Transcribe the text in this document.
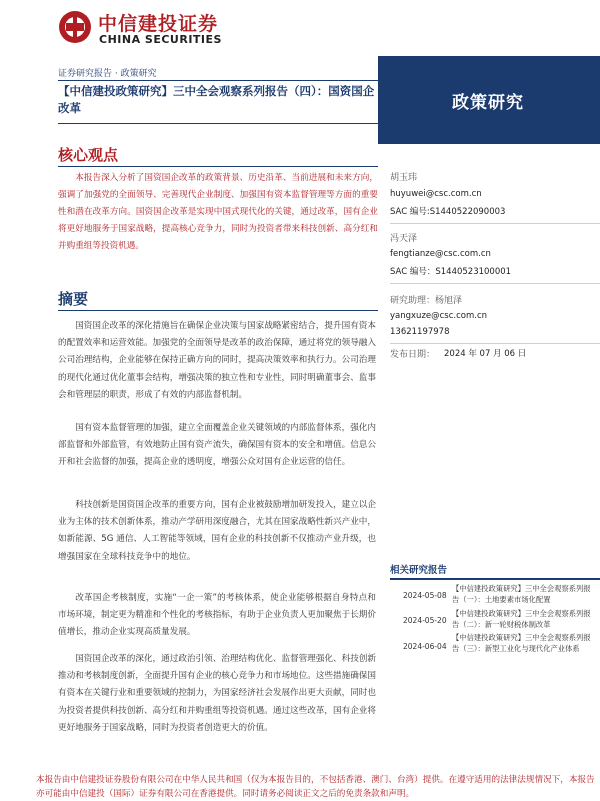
中信建投证券
CHINA SECURITIES
政策研究
证券研究报告 · 政策研究
【中信建投政策研究】三中全会观察系列报告（四）：国资国企改革
核心观点
本报告深入分析了国资国企改革的政策背景、历史沿革、当前进展和未来方向，强调了加强党的全面领导、完善现代企业制度、加强国有资本监督管理等方面的重要性和潜在改革方向。国资国企改革是实现中国式现代化的关键，通过改革，国有企业将更好地服务于国家战略，提高核心竞争力，同时为投资者带来科技创新、高分红和并购重组等投资机遇。
摘要
国资国企改革的深化措施旨在确保企业决策与国家战略紧密结合，提升国有资本的配置效率和运营效能。加强党的全面领导是改革的政治保障，通过将党的领导融入公司治理结构，企业能够在保持正确方向的同时，提高决策效率和执行力。公司治理的现代化通过优化董事会结构，增强决策的独立性和专业性，同时明确董事会、监事会和管理层的职责，形成了有效的内部监督机制。
国有资本监督管理的加强，建立全面覆盖企业关键领域的内部监督体系，强化内部监督和外部监管，有效地防止国有资产流失，确保国有资本的安全和增值。信息公开和社会监督的加强，提高企业的透明度，增强公众对国有企业运营的信任。
科技创新是国资国企改革的重要方向，国有企业被鼓励增加研发投入，建立以企业为主体的技术创新体系，推动产学研用深度融合，尤其在国家战略性新兴产业中，如新能源、5G 通信、人工智能等领域，国有企业的科技创新不仅推动产业升级，也增强国家在全球科技竞争中的地位。
改革国企考核制度，实施“一企一策”的考核体系，使企业能够根据自身特点和市场环境，制定更为精准和个性化的考核指标，有助于企业负责人更加聚焦于长期价值增长，推动企业实现高质量发展。
国资国企改革的深化，通过政治引领、治理结构优化、监督管理强化、科技创新推动和考核制度创新，全面提升国有企业的核心竞争力和市场地位。这些措施确保国有资本在关键行业和重要领域的控制力，为国家经济社会发展作出更大贡献，同时也为投资者提供科技创新、高分红和并购重组等投资机遇。通过这些改革，国有企业将更好地服务于国家战略，同时为投资者创造更大的价值。
胡玉玮
huyuwei@csc.com.cn
SAC 编号:S1440522090003
冯天泽
fengtianze@csc.com.cn
SAC 编号：S1440523100001
研究助理：杨旭泽
yangxuze@csc.com.cn
13621197978
发布日期： 2024 年 07 月 06 日
相关研究报告
2024-05-08
【中信建投政策研究】三中全会观察系列报告（一）：土地要素市场化配置
2024-05-20
【中信建投政策研究】三中全会观察系列报告（二）：新一轮财税体制改革
2024-06-04
【中信建投政策研究】三中全会观察系列报告（三）：新型工业化与现代化产业体系
本报告由中信建投证券股份有限公司在中华人民共和国（仅为本报告目的，不包括香港、澳门、台湾）提供。在遵守适用的法律法规情况下，本报告亦可能由中信建投（国际）证券有限公司在香港提供。同时请务必阅读正文之后的免责条款和声明。
